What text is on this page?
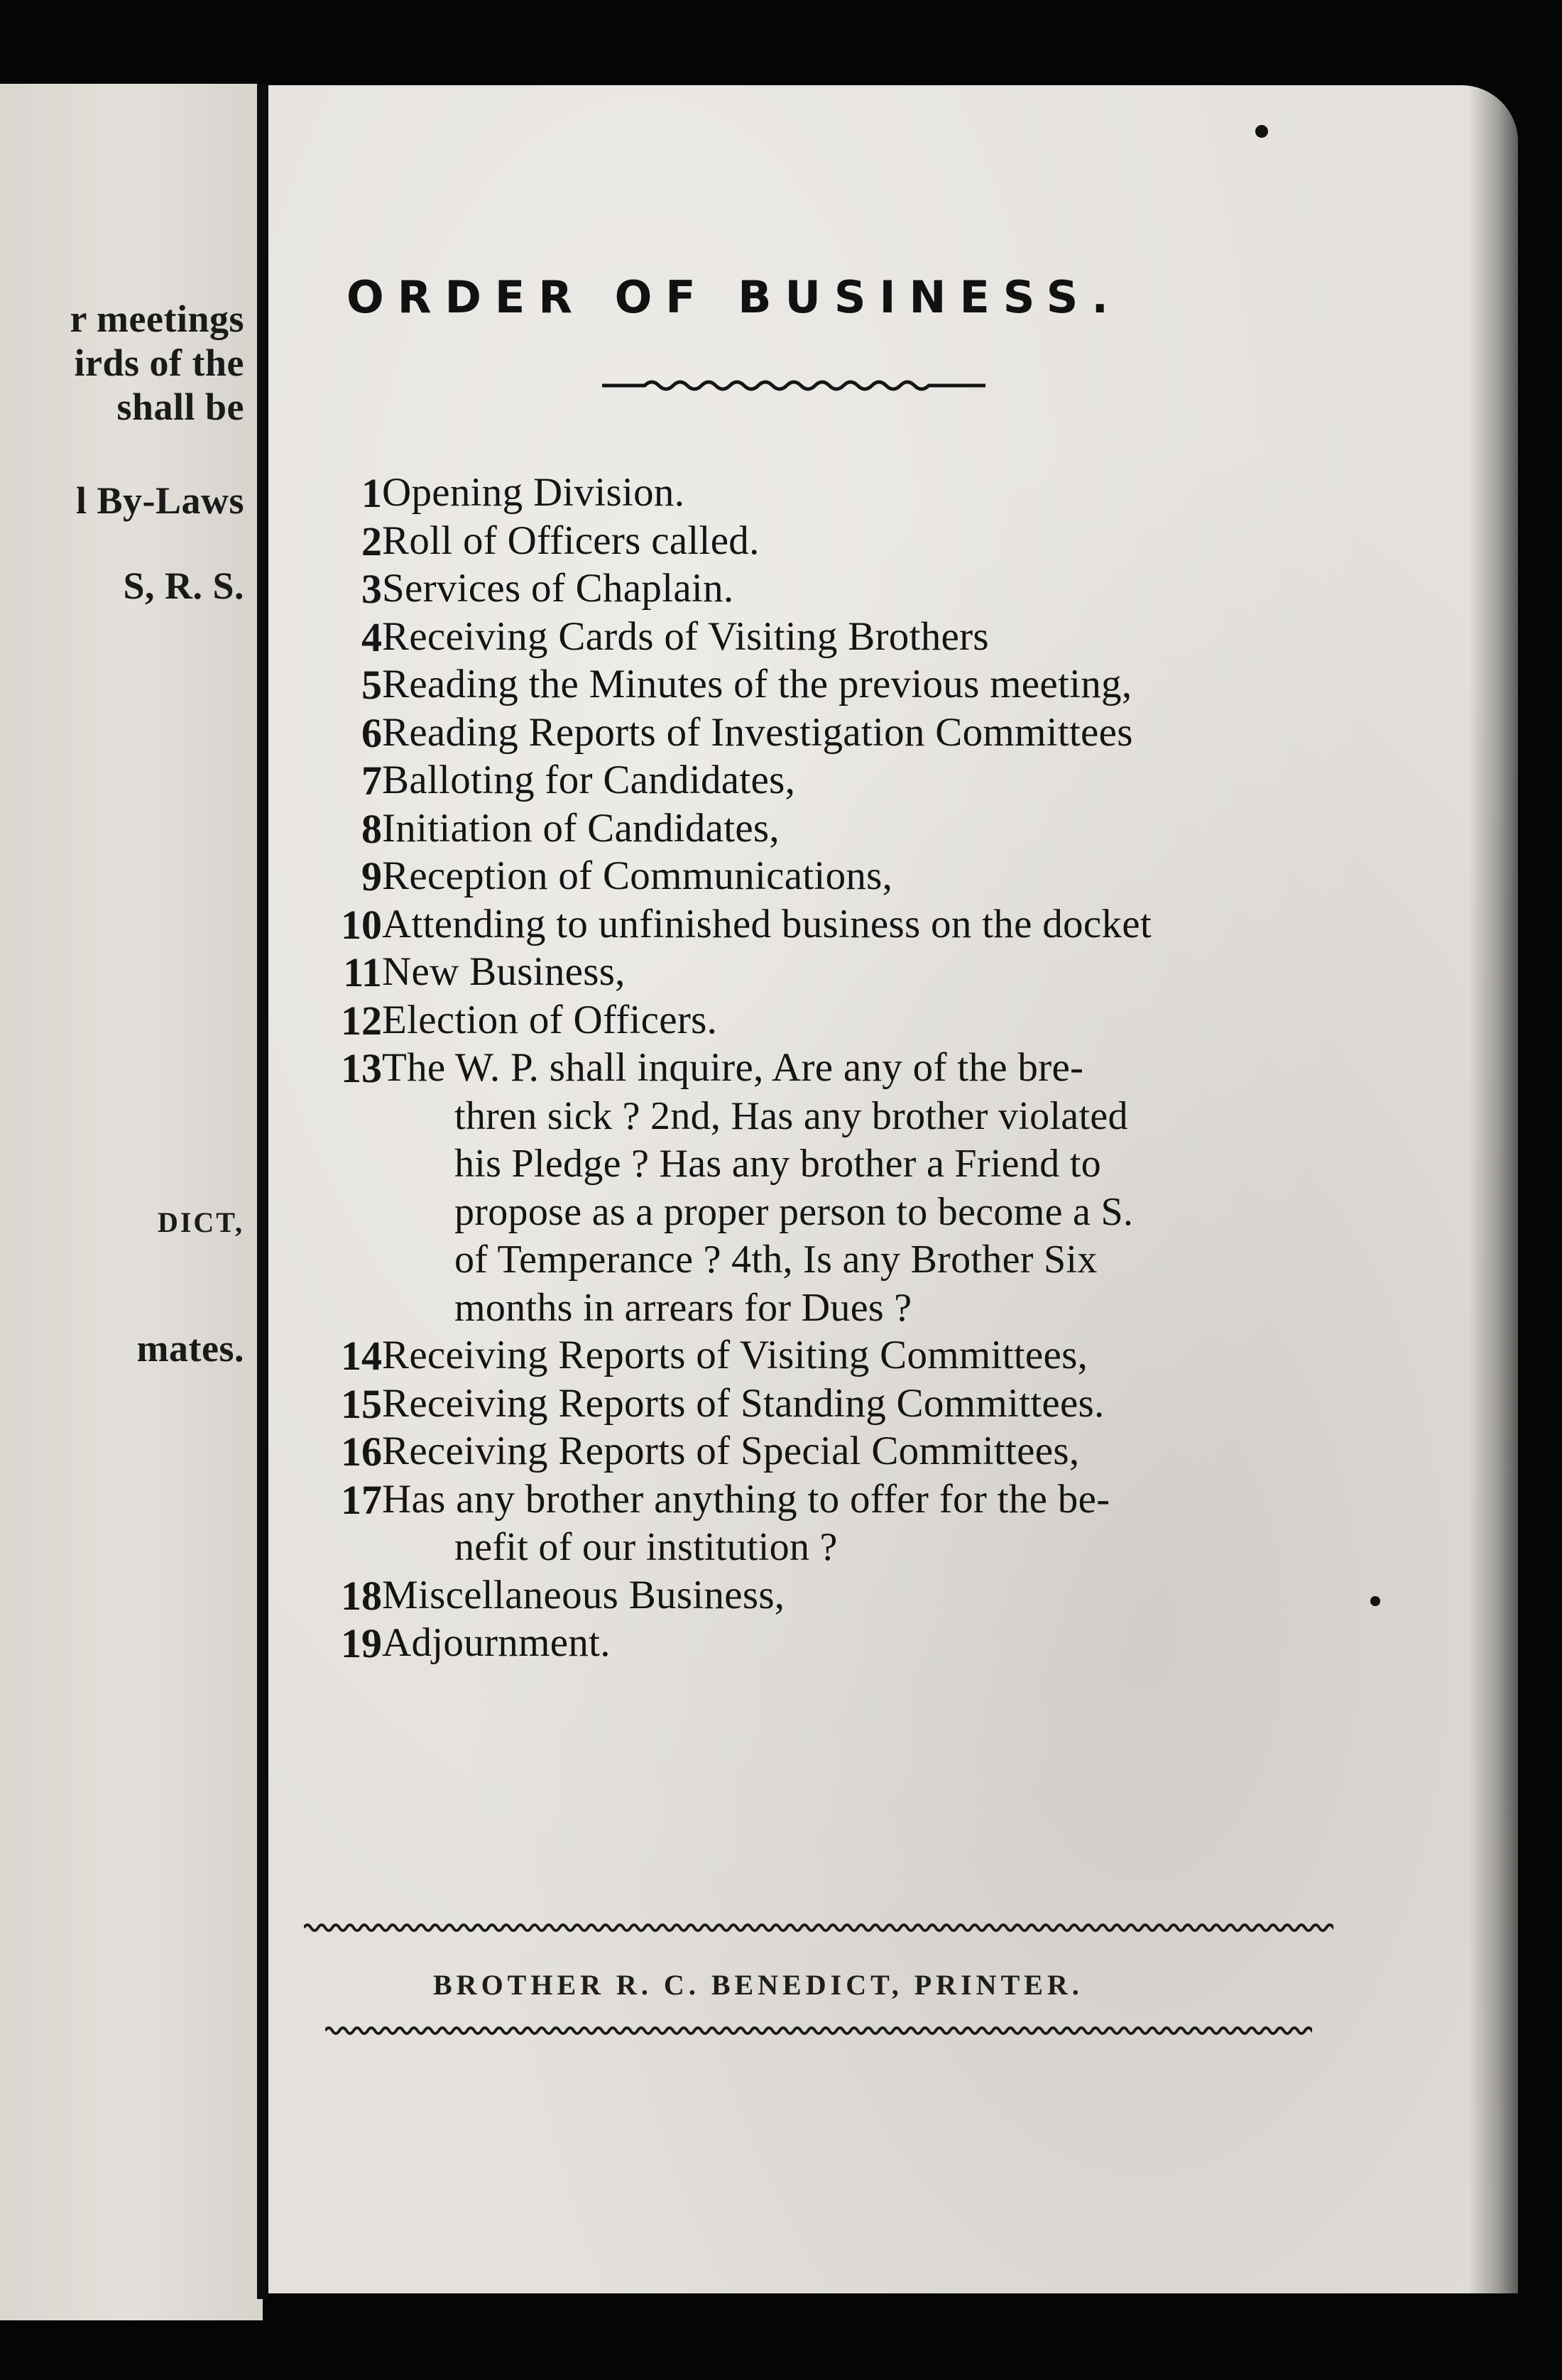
r meetings
irds of the
shall be
l By-Laws
S, R. S.
DICT,
mates.
ORDER OF BUSINESS.
1 Opening Division.
2 Roll of Officers called.
3 Services of Chaplain.
4 Receiving Cards of Visiting Brothers
5 Reading the Minutes of the previous meeting,
6 Reading Reports of Investigation Committees
7 Balloting for Candidates,
8 Initiation of Candidates,
9 Reception of Communications,
10 Attending to unfinished business on the docket
11 New Business,
12 Election of Officers.
13 The W. P. shall inquire, Are any of the bre-
thren sick ? 2nd, Has any brother violated
his Pledge ? Has any brother a Friend to
propose as a proper person to become a S.
of Temperance ? 4th, Is any Brother Six
months in arrears for Dues ?
14 Receiving Reports of Visiting Committees,
15 Receiving Reports of Standing Committees.
16 Receiving Reports of Special Committees,
17 Has any brother anything to offer for the be-
nefit of our institution ?
18 Miscellaneous Business,
19 Adjournment.
BROTHER R. C. BENEDICT, PRINTER.
